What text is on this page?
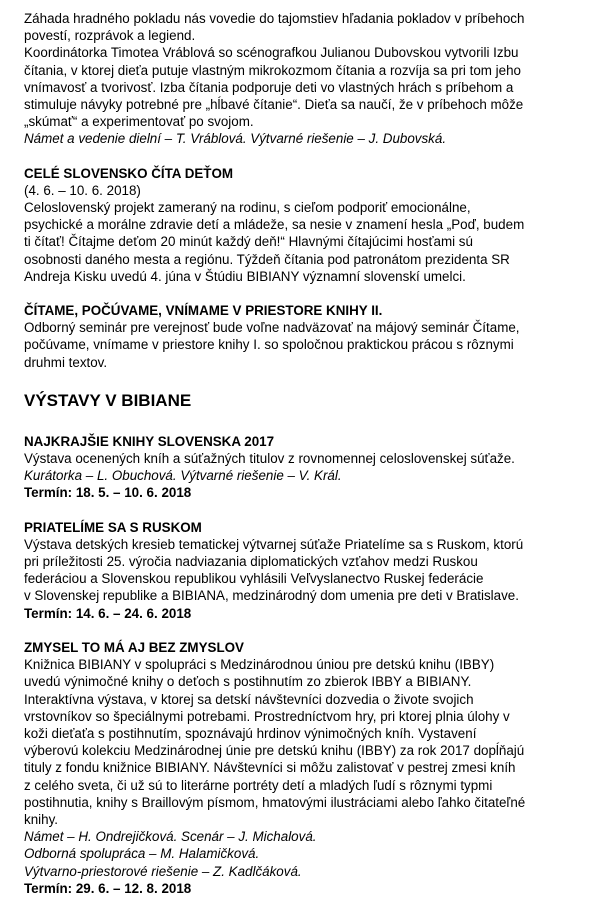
Záhada hradného pokladu nás vovedie do tajomstiev hľadania pokladov v príbehoch

povestí, rozprávok a legiend.

Koordinátorka Timotea Vráblová so scénografkou Julianou Dubovskou vytvorili Izbu

čítania, v ktorej dieťa putuje vlastným mikrokozmom čítania a rozvíja sa pri tom jeho

vnímavosť a tvorivosť. Izba čítania podporuje deti vo vlastných hrách s príbehom a

stimuluje návyky potrebné pre „hĺbavé čítanie“. Dieťa sa naučí, že v príbehoch môže

„skúmať“ a experimentovať po svojom.

Námet a vedenie dielní – T. Vráblová. Výtvarné riešenie – J. Dubovská.

CELÉ SLOVENSKO ČÍTA DEŤOM

(4. 6. – 10. 6. 2018)

Celoslovenský projekt zameraný na rodinu, s cieľom podporiť emocionálne,

psychické a morálne zdravie detí a mládeže, sa nesie v znamení hesla „Poď, budem

ti čítať! Čítajme deťom 20 minút každý deň!“ Hlavnými čítajúcimi hosťami sú

osobnosti daného mesta a regiónu. Týždeň čítania pod patronátom prezidenta SR

Andreja Kisku uvedú 4. júna v Štúdiu BIBIANY významní slovenskí umelci.

ČÍTAME, POČÚVAME, VNÍMAME V PRIESTORE KNIHY II.

Odborný seminár pre verejnosť bude voľne nadväzovať na májový seminár Čítame,

počúvame, vnímame v priestore knihy I. so spoločnou praktickou prácou s rôznymi

druhmi textov.

VÝSTAVY V BIBIANE

NAJKRAJŠIE KNIHY SLOVENSKA 2017

Výstava ocenených kníh a súťažných titulov z rovnomennej celoslovenskej súťaže.

Kurátorka – L. Obuchová. Výtvarné riešenie – V. Král.

Termín: 18. 5. – 10. 6. 2018

PRIATELÍME SA S RUSKOM

Výstava detských kresieb tematickej výtvarnej súťaže Priatelíme sa s Ruskom, ktorú

pri príležitosti 25. výročia nadviazania diplomatických vzťahov medzi Ruskou

federáciou a Slovenskou republikou vyhlásili Veľvyslanectvo Ruskej federácie

v Slovenskej republike a BIBIANA, medzinárodný dom umenia pre deti v Bratislave.

Termín: 14. 6. – 24. 6. 2018

ZMYSEL TO MÁ AJ BEZ ZMYSLOV

Knižnica BIBIANY v spolupráci s Medzinárodnou úniou pre detskú knihu (IBBY)

uvedú výnimočné knihy o deťoch s postihnutím zo zbierok IBBY a BIBIANY.

Interaktívna výstava, v ktorej sa detskí návštevníci dozvedia o živote svojich

vrstovníkov so špeciálnymi potrebami. Prostredníctvom hry, pri ktorej plnia úlohy v

koži dieťaťa s postihnutím, spoznávajú hrdinov výnimočných kníh. Vystavení

výberovú kolekciu Medzinárodnej únie pre detskú knihu (IBBY) za rok 2017 dopĺňajú

tituly z fondu knižnice BIBIANY. Návštevníci si môžu zalistovať v pestrej zmesi kníh

z celého sveta, či už sú to literárne portréty detí a mladých ľudí s rôznymi typmi

postihnutia, knihy s Braillovým písmom, hmatovými ilustráciami alebo ľahko čitateľné

knihy.

Námet – H. Ondrejičková. Scenár – J. Michalová.

Odborná spolupráca – M. Halamičková.

Výtvarno-priestorové riešenie – Z. Kadlčáková.

Termín: 29. 6. – 12. 8. 2018
